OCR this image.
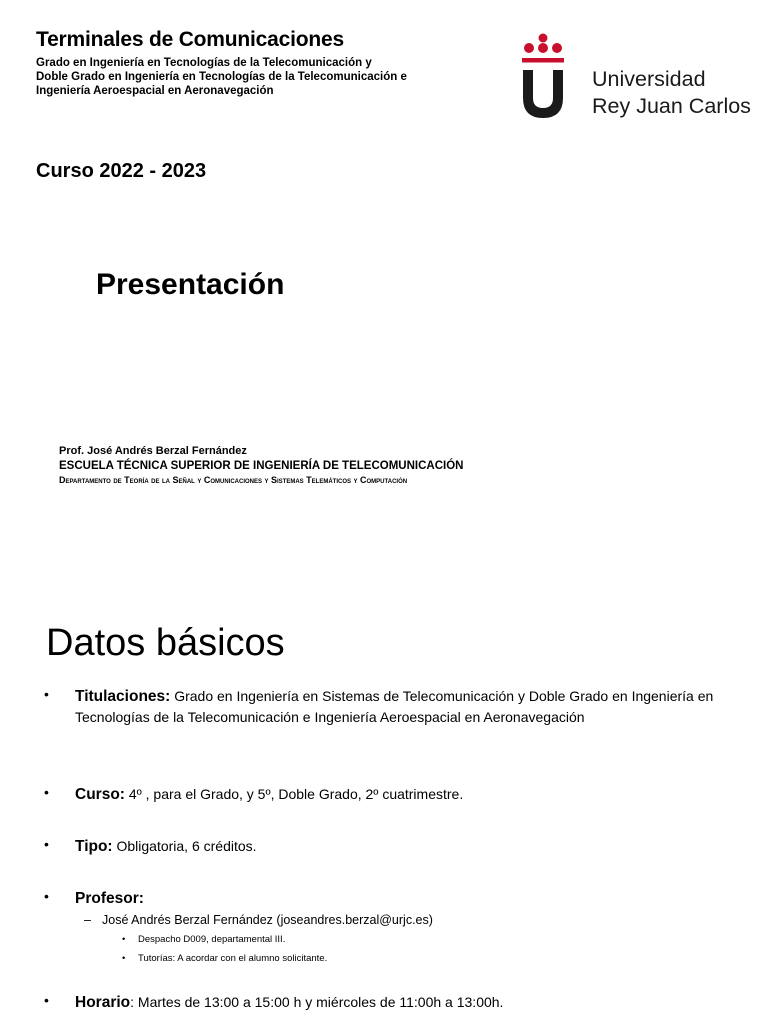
Terminales de Comunicaciones
Grado en Ingeniería en Tecnologías de la Telecomunicación y
Doble Grado en Ingeniería en Tecnologías de la Telecomunicación e
Ingeniería Aeroespacial en Aeronavegación	Universidad
Rey Juan Carlos
Curso 2022 - 2023
Presentación
Prof. José Andrés Berzal Fernández
ESCUELA TÉCNICA SUPERIOR DE INGENIERÍA DE TELECOMUNICACIÓN
Departamento de Teoría de la Señal y Comunicaciones y Sistemas Telemáticos y Computación
Datos básicos
• Titulaciones: Grado en Ingeniería en Sistemas de Telecomunicación y Doble Grado en Ingeniería en Tecnologías de la Telecomunicación e Ingeniería Aeroespacial en Aeronavegación
• Curso: 4º , para el Grado, y 5º, Doble Grado, 2º cuatrimestre.
• Tipo: Obligatoria, 6 créditos.
• Profesor:
– José Andrés Berzal Fernández (joseandres.berzal@urjc.es)
• Despacho D009, departamental III.
• Tutorías: A acordar con el alumno solicitante.
• Horario: Martes de 13:00 a 15:00 h y miércoles de 11:00h a 13:00h.
